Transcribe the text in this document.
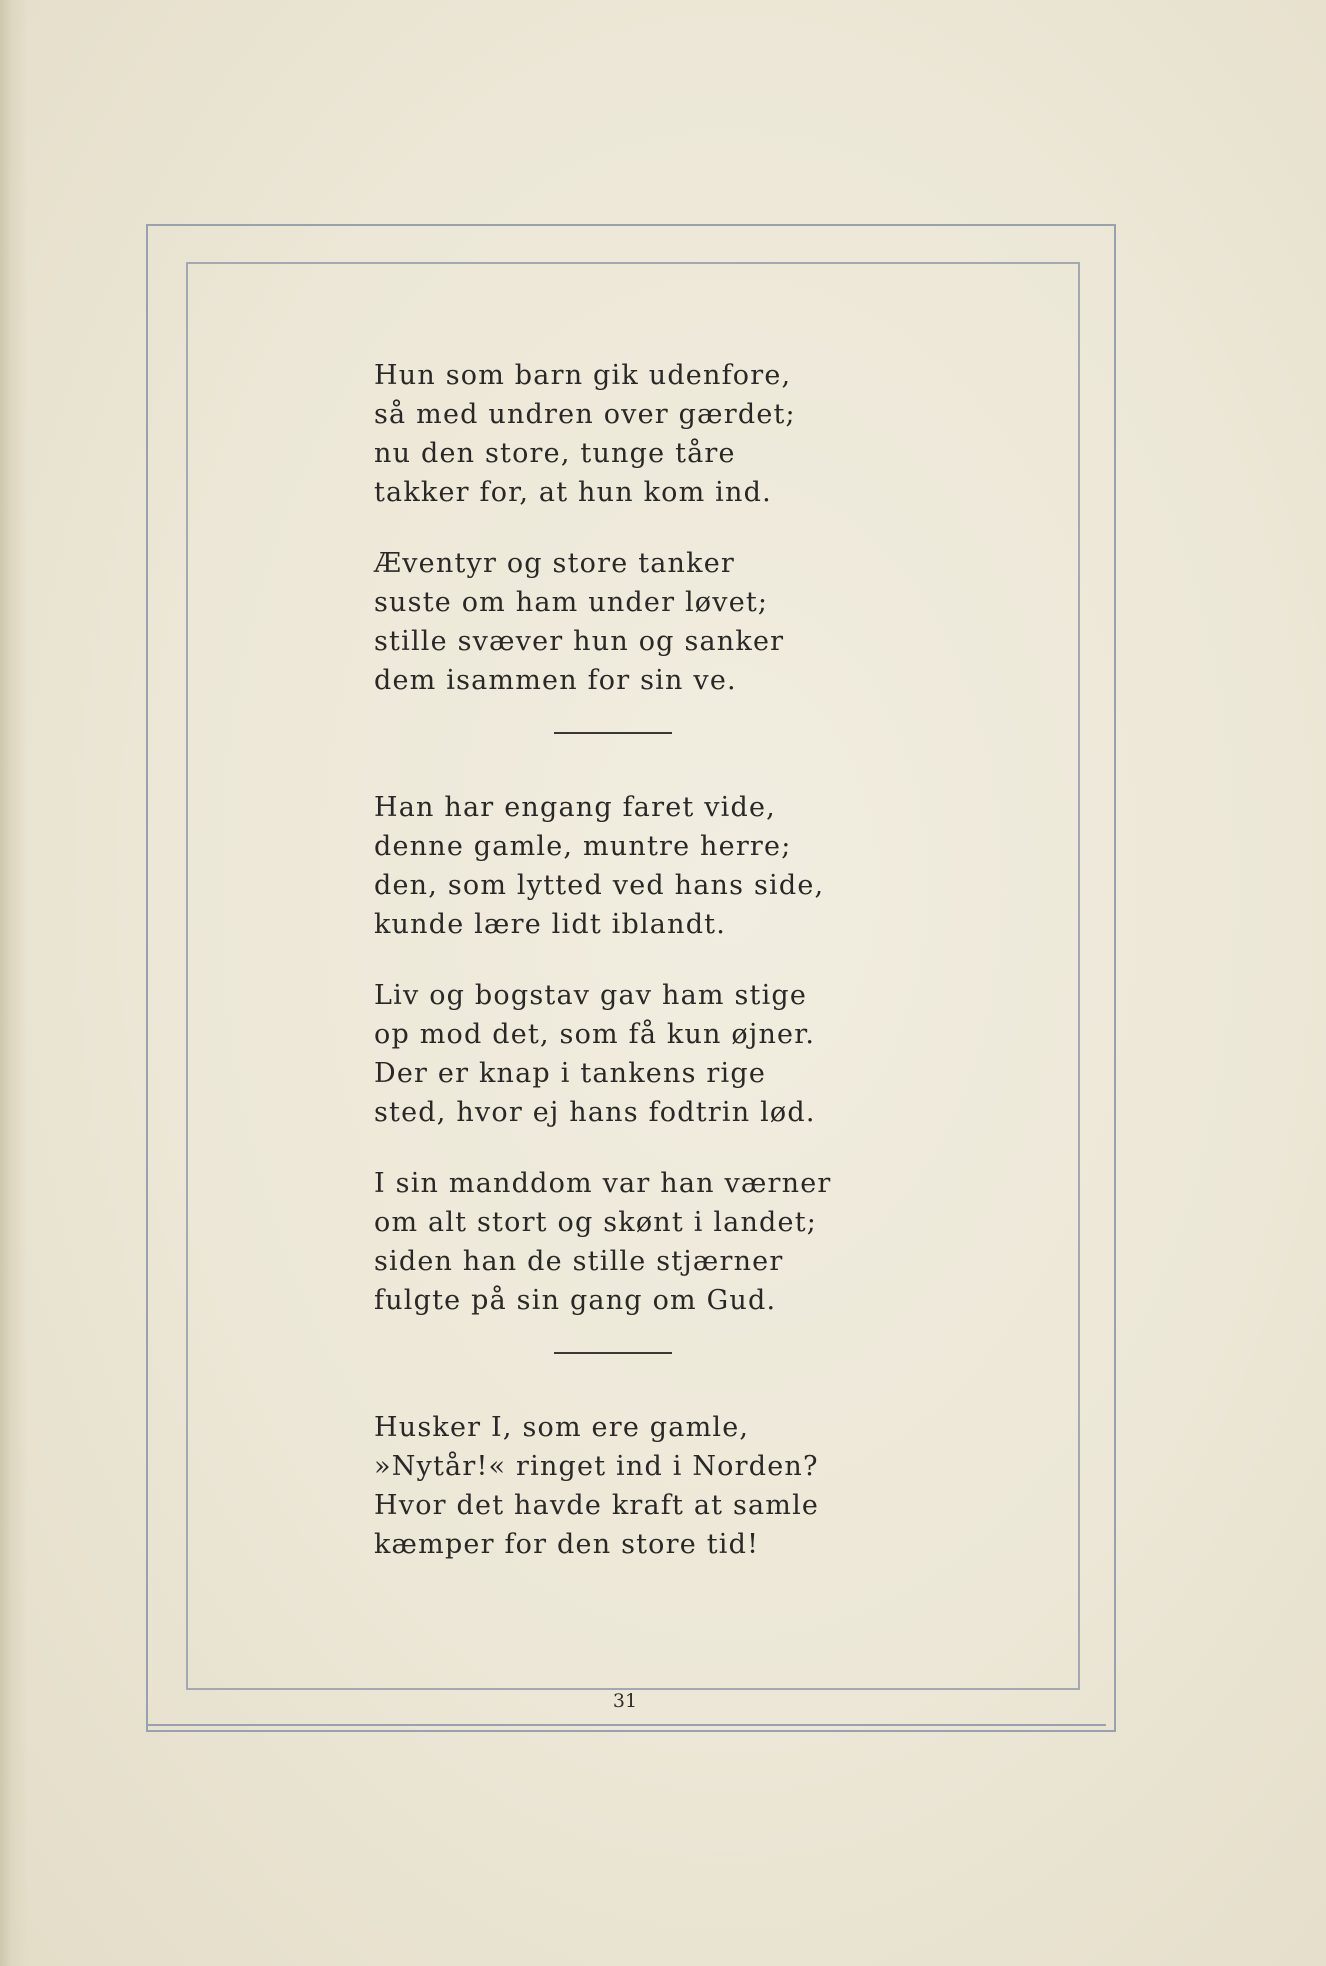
Hun som barn gik udenfore,
så med undren over gærdet;
nu den store, tunge tåre
takker for, at hun kom ind.
Æventyr og store tanker
suste om ham under løvet;
stille svæver hun og sanker
dem isammen for sin ve.
Han har engang faret vide,
denne gamle, muntre herre;
den, som lytted ved hans side,
kunde lære lidt iblandt.
Liv og bogstav gav ham stige
op mod det, som få kun øjner.
Der er knap i tankens rige
sted, hvor ej hans fodtrin lød.
I sin manddom var han værner
om alt stort og skønt i landet;
siden han de stille stjærner
fulgte på sin gang om Gud.
Husker I, som ere gamle,
»Nytår!« ringet ind i Norden?
Hvor det havde kraft at samle
kæmper for den store tid!
31
